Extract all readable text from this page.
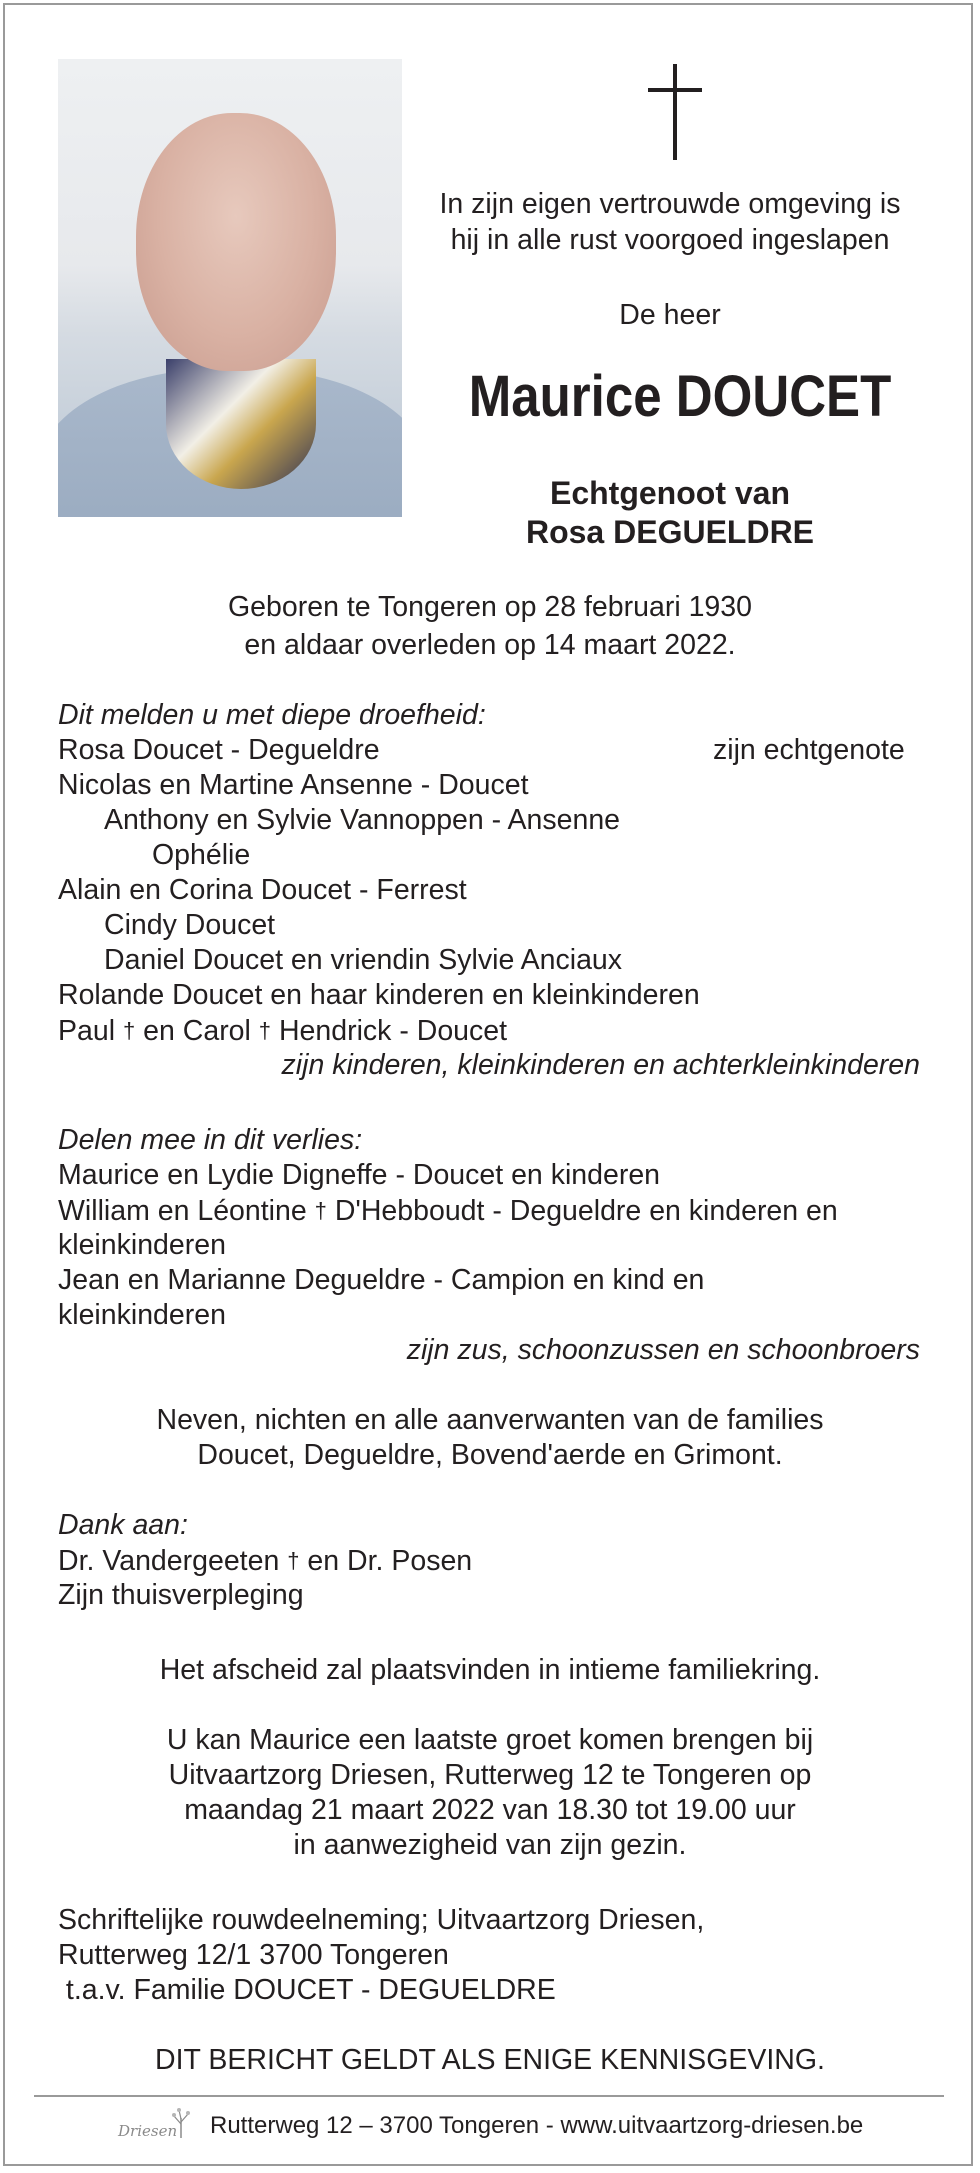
In zijn eigen vertrouwde omgeving is
hij in alle rust voorgoed ingeslapen
De heer
Maurice DOUCET
Echtgenoot van
Rosa DEGUELDRE
Geboren te Tongeren op 28 februari 1930
en aldaar overleden op 14 maart 2022.
Dit melden u met diepe droefheid:
Rosa Doucet - Degueldre	zijn echtgenote
Nicolas en Martine Ansenne - Doucet
Anthony en Sylvie Vannoppen - Ansenne
Ophélie
Alain en Corina Doucet - Ferrest
Cindy Doucet
Daniel Doucet en vriendin Sylvie Anciaux
Rolande Doucet en haar kinderen en kleinkinderen
Paul † en Carol † Hendrick - Doucet
zijn kinderen, kleinkinderen en achterkleinkinderen
Delen mee in dit verlies:
Maurice en Lydie Digneffe - Doucet en kinderen
William en Léontine † D'Hebboudt - Degueldre en kinderen en
kleinkinderen
Jean en Marianne Degueldre - Campion en kind en
kleinkinderen
zijn zus, schoonzussen en schoonbroers
Neven, nichten en alle aanverwanten van de families
Doucet, Degueldre, Bovend'aerde en Grimont.
Dank aan:
Dr. Vandergeeten † en Dr. Posen
Zijn thuisverpleging
Het afscheid zal plaatsvinden in intieme familiekring.
U kan Maurice een laatste groet komen brengen bij
Uitvaartzorg Driesen, Rutterweg 12 te Tongeren op
maandag 21 maart 2022 van 18.30 tot 19.00 uur
in aanwezigheid van zijn gezin.
Schriftelijke rouwdeelneming; Uitvaartzorg Driesen,
Rutterweg 12/1 3700 Tongeren
t.a.v. Familie DOUCET - DEGUELDRE
DIT BERICHT GELDT ALS ENIGE KENNISGEVING.
Driesen Rutterweg 12 – 3700 Tongeren - www.uitvaartzorg-driesen.be
